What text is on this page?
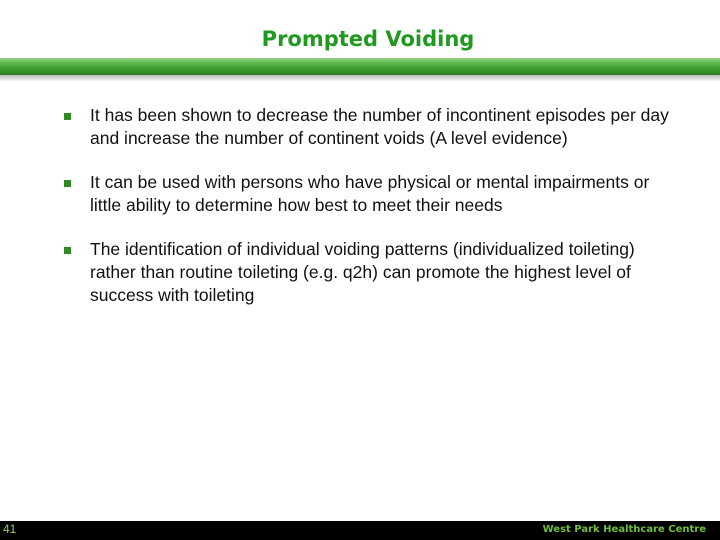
Prompted Voiding
It has been shown to decrease the number of incontinent episodes per day and increase the number of continent voids (A level evidence)
It can be used with persons who have physical or mental impairments or little ability to determine how best to meet their needs
The identification of individual voiding patterns (individualized toileting) rather than routine toileting (e.g. q2h) can promote the highest level of success with toileting
41	West Park Healthcare Centre
